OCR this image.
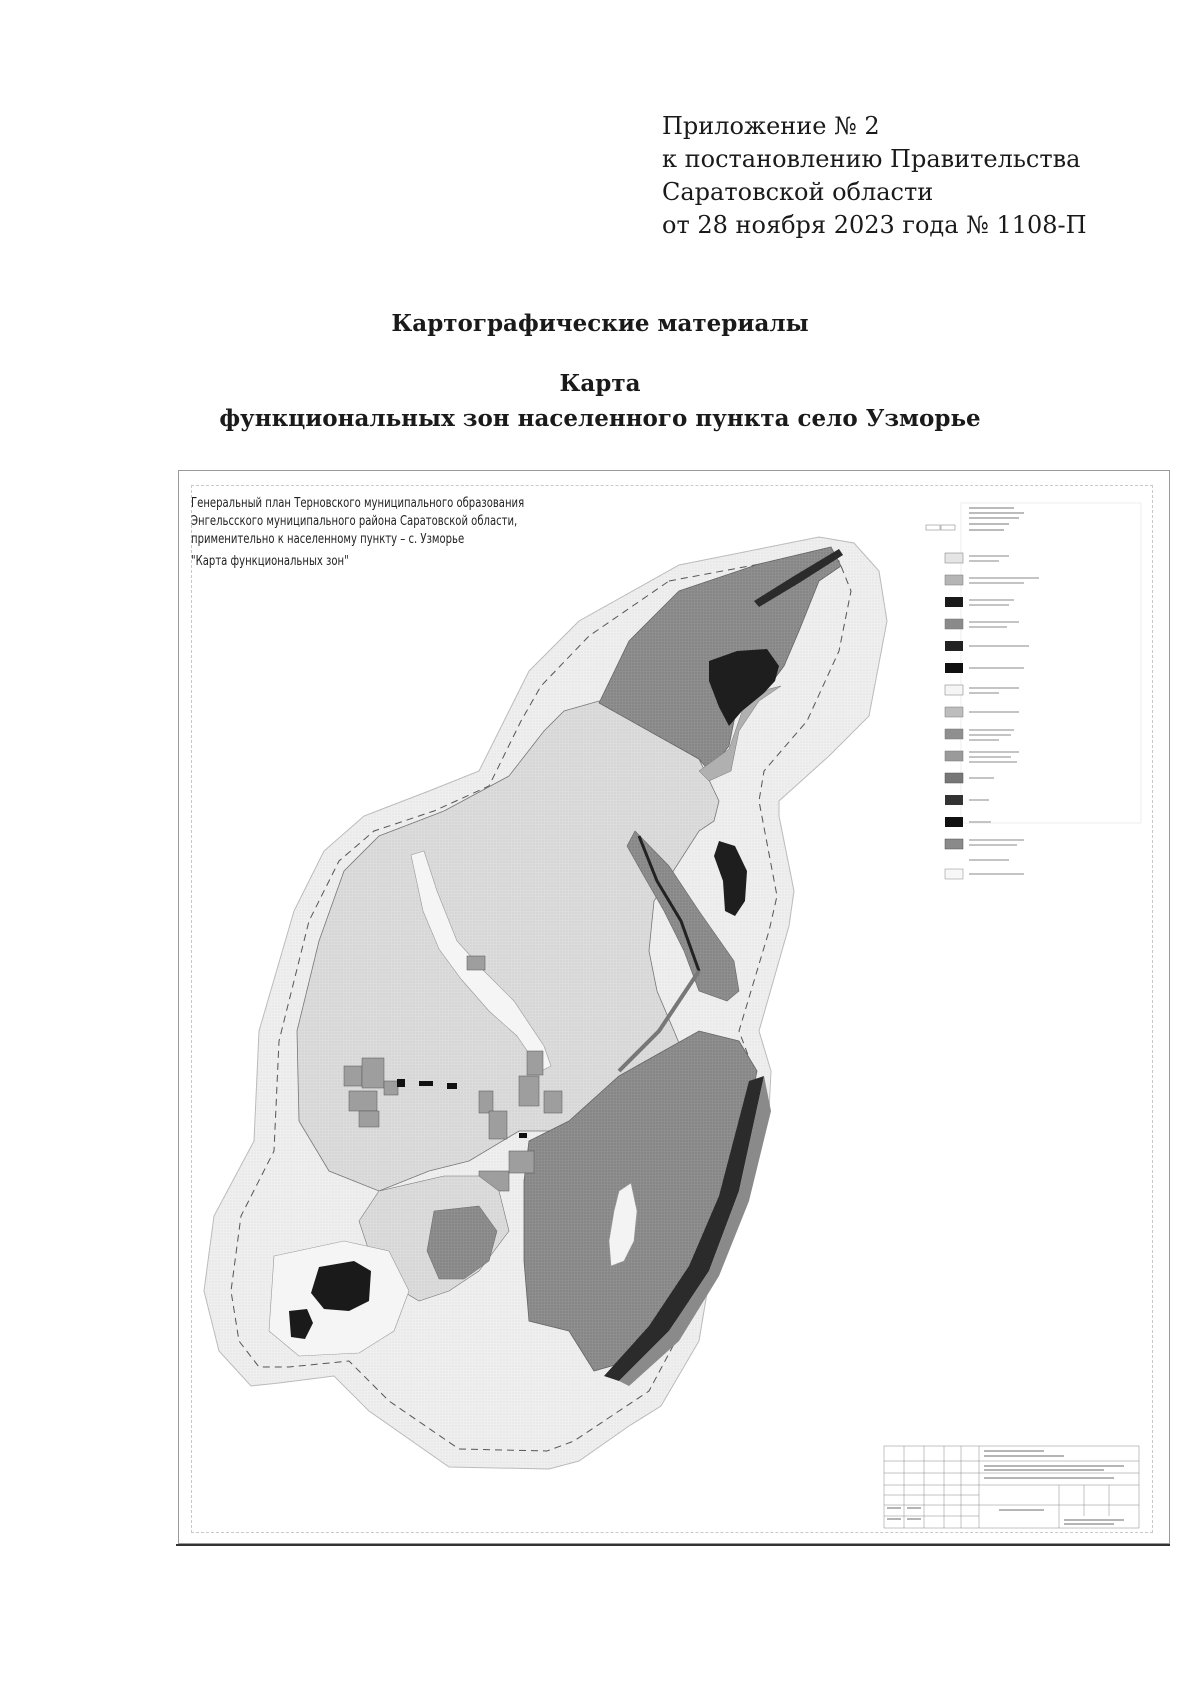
Приложение № 2
к постановлению Правительства
Саратовской области
от 28 ноября 2023 года № 1108-П
Картографические материалы
Карта
функциональных зон населенного пункта село Узморье
Генеральный план Терновского муниципального образования
Энгельсского муниципального района Саратовской области,
применительно к населенному пункту – с. Узморье
"Карта функциональных зон"
